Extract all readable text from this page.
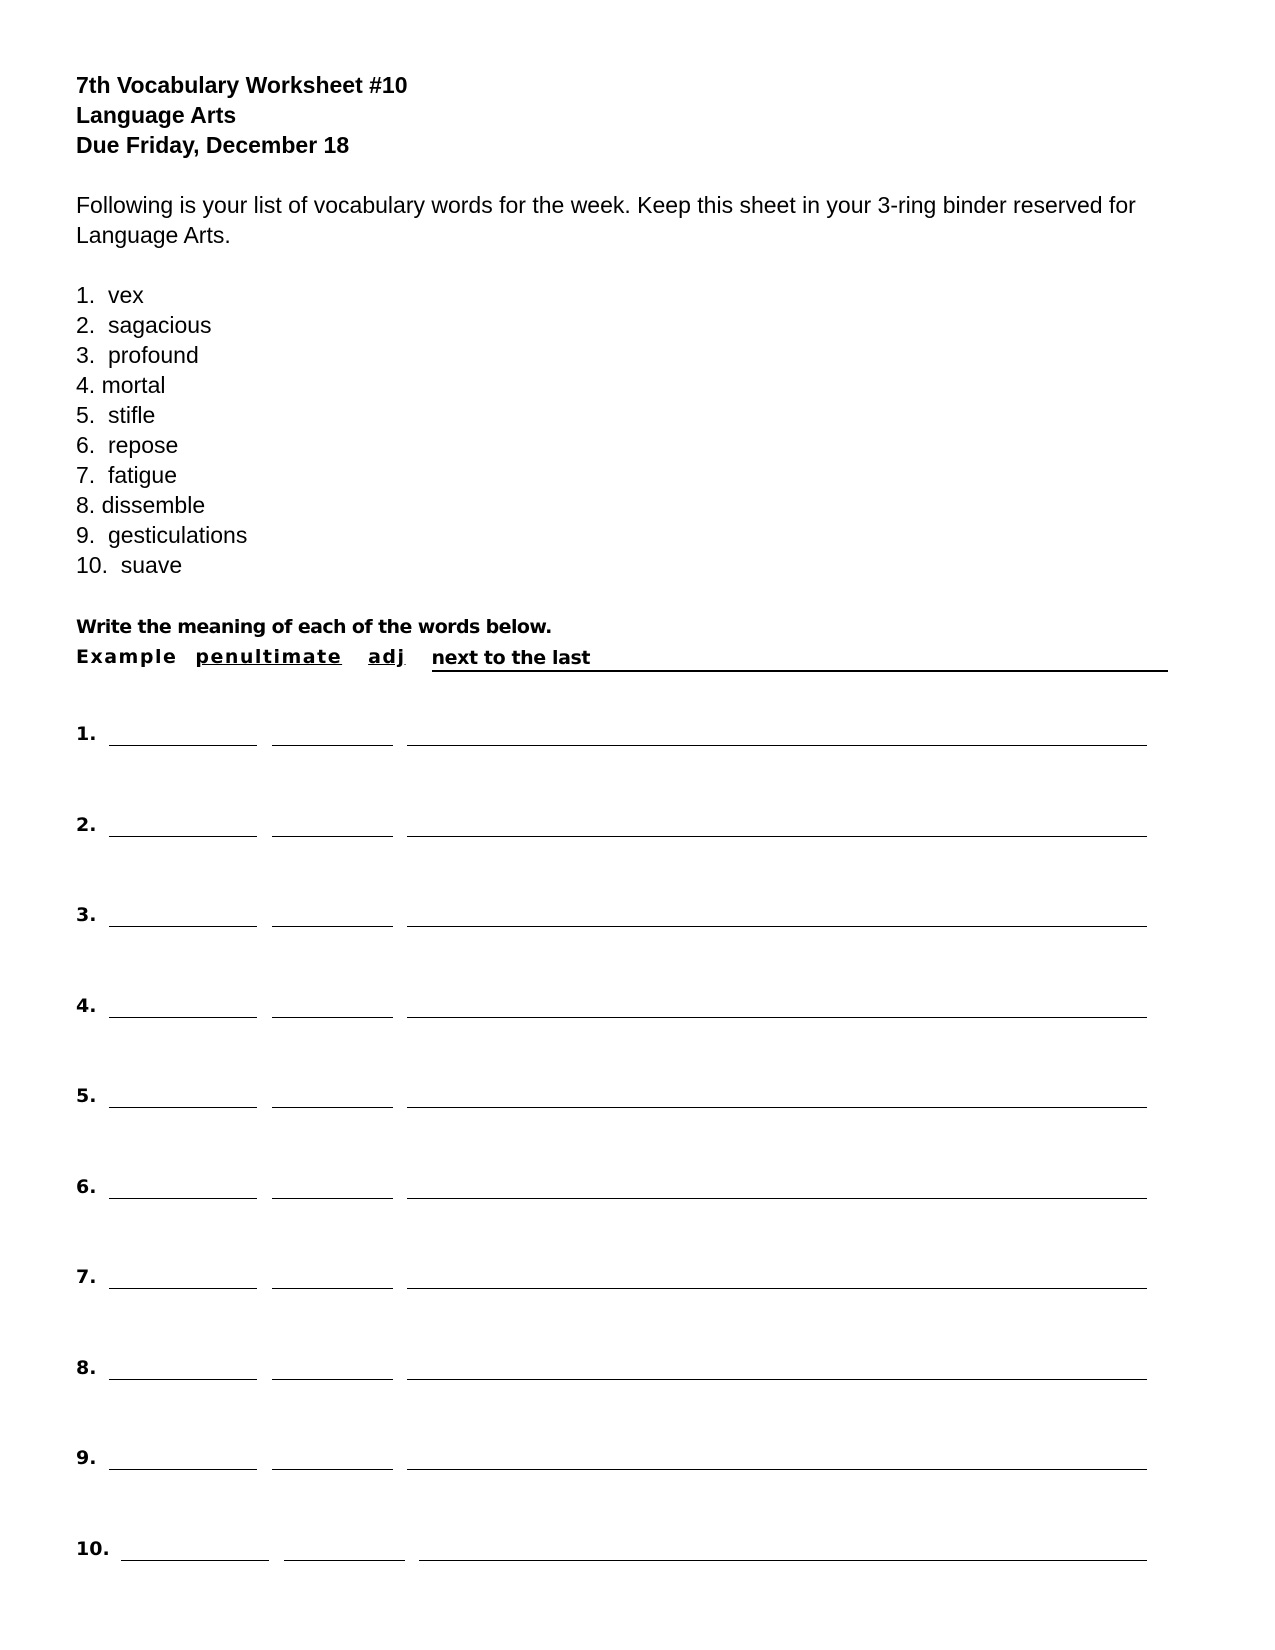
7th Vocabulary Worksheet #10
Language Arts
Due Friday, December 18
Following is your list of vocabulary words for the week. Keep this sheet in your 3-ring binder reserved for Language Arts.
1.  vex
2.  sagacious
3.  profound
4. mortal
5.  stifle
6.  repose
7.  fatigue
8. dissemble
9.  gesticulations
10.  suave
Write the meaning of each of the words below.
Example penultimate adj next to the last
1.
2.
3.
4.
5.
6.
7.
8.
9.
10.
